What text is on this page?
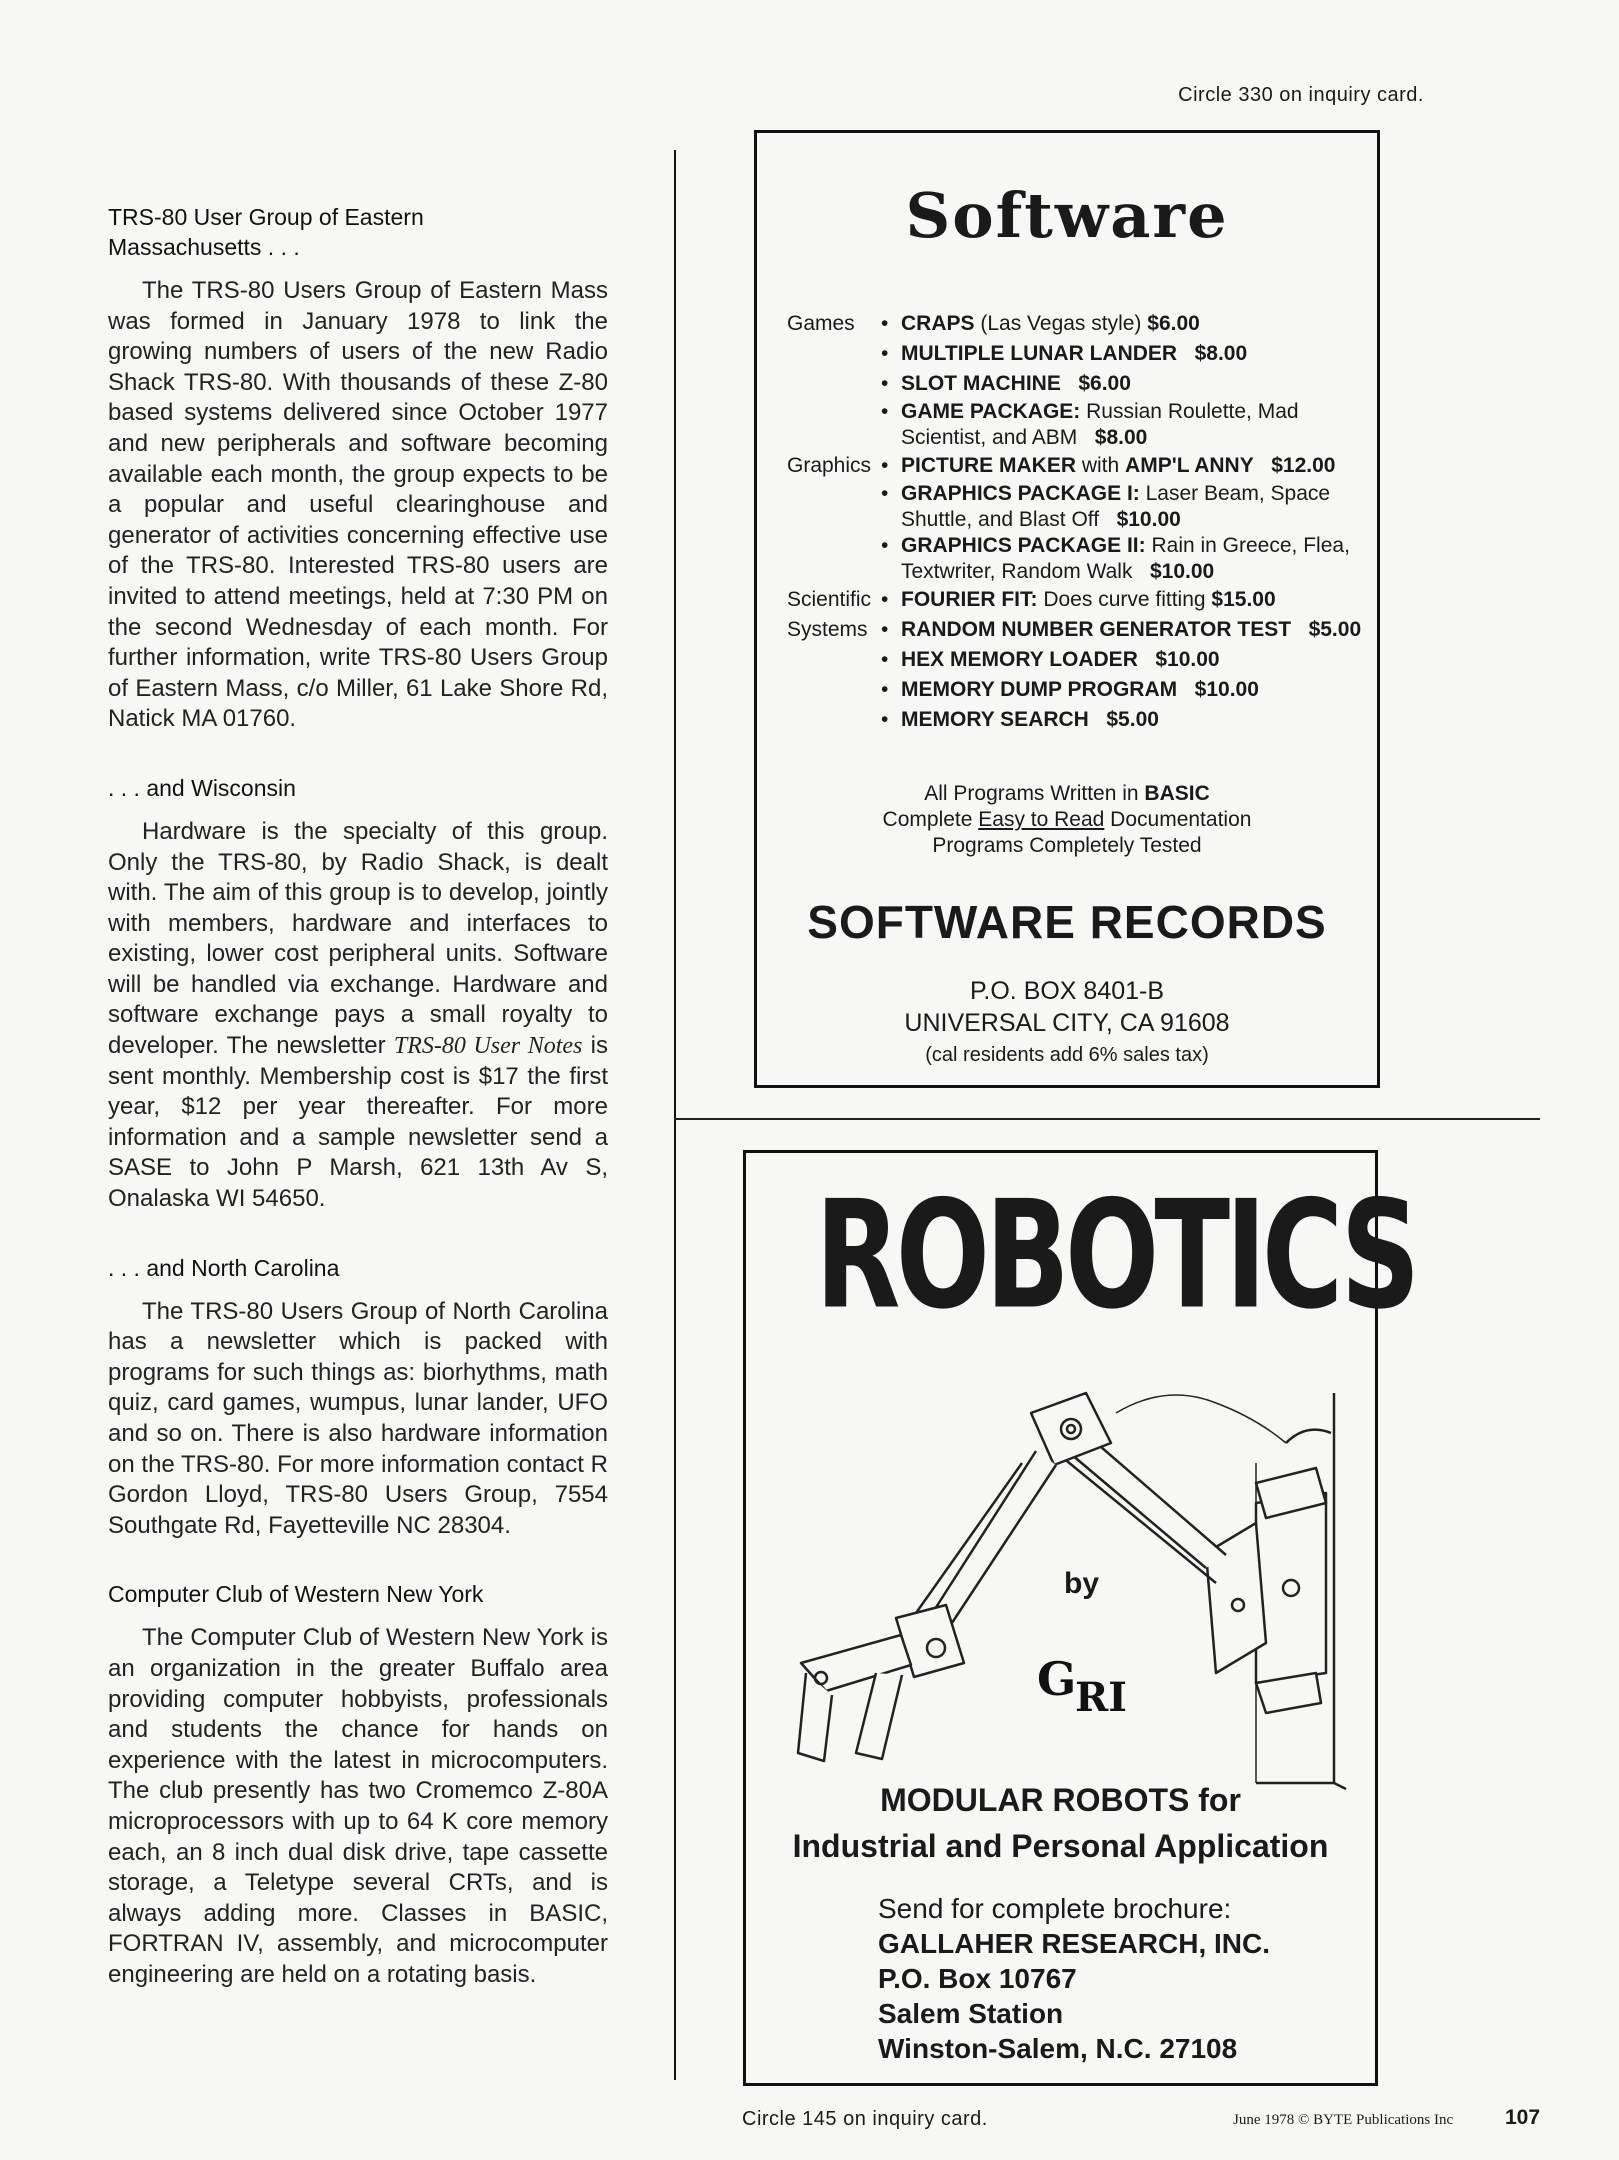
Circle 330 on inquiry card.
TRS-80 User Group of Eastern
Massachusetts . . .

The TRS-80 Users Group of Eastern Mass was formed in January 1978 to link the growing numbers of users of the new Radio Shack TRS-80. With thousands of these Z-80 based systems delivered since October 1977 and new peripherals and software becoming available each month, the group expects to be a popular and useful clearinghouse and generator of activities concerning effective use of the TRS-80. Interested TRS-80 users are invited to attend meetings, held at 7:30 PM on the second Wednesday of each month. For further information, write TRS-80 Users Group of Eastern Mass, c/o Miller, 61 Lake Shore Rd, Natick MA 01760.

. . . and Wisconsin

Hardware is the specialty of this group. Only the TRS-80, by Radio Shack, is dealt with. The aim of this group is to develop, jointly with members, hardware and interfaces to existing, lower cost peripheral units. Software will be handled via exchange. Hardware and software exchange pays a small royalty to developer. The newsletter TRS-80 User Notes is sent monthly. Membership cost is $17 the first year, $12 per year thereafter. For more information and a sample newsletter send a SASE to John P Marsh, 621 13th Av S, Onalaska WI 54650.

. . . and North Carolina

The TRS-80 Users Group of North Carolina has a newsletter which is packed with programs for such things as: biorhythms, math quiz, card games, wumpus, lunar lander, UFO and so on. There is also hardware information on the TRS-80. For more information contact R Gordon Lloyd, TRS-80 Users Group, 7554 Southgate Rd, Fayetteville NC 28304.

Computer Club of Western New York

The Computer Club of Western New York is an organization in the greater Buffalo area providing computer hobbyists, professionals and students the chance for hands on experience with the latest in microcomputers. The club presently has two Cromemco Z-80A microprocessors with up to 64 K core memory each, an 8 inch dual disk drive, tape cassette storage, a Teletype several CRTs, and is always adding more. Classes in BASIC, FORTRAN IV, assembly, and microcomputer engineering are held on a rotating basis.

Software
Games	• CRAPS (Las Vegas style) $6.00
• MULTIPLE LUNAR LANDER $8.00
• SLOT MACHINE $6.00
• GAME PACKAGE: Russian Roulette, Mad
Scientist, and ABM   $8.00
Graphics	• PICTURE MAKER with AMP'L ANNY $12.00
• GRAPHICS PACKAGE I: Laser Beam, Space
Shuttle, and Blast Off   $10.00
• GRAPHICS PACKAGE II: Rain in Greece, Flea,
Textwriter, Random Walk   $10.00
Scientific	• FOURIER FIT: Does curve fitting $15.00
Systems	• RANDOM NUMBER GENERATOR TEST $5.00
• HEX MEMORY LOADER $10.00
• MEMORY DUMP PROGRAM $10.00
• MEMORY SEARCH $5.00
All Programs Written in BASIC
Complete Easy to Read Documentation
Programs Completely Tested
SOFTWARE RECORDS
P.O. BOX 8401-B
UNIVERSAL CITY, CA 91608
(cal residents add 6% sales tax)
ROBOTICS
by
G
RI
MODULAR ROBOTS for
Industrial and Personal Application
Send for complete brochure:
GALLAHER RESEARCH, INC.
P.O. Box 10767
Salem Station
Winston-Salem, N.C. 27108
Circle 145 on inquiry card.	June 1978 © BYTE Publications Inc 107
